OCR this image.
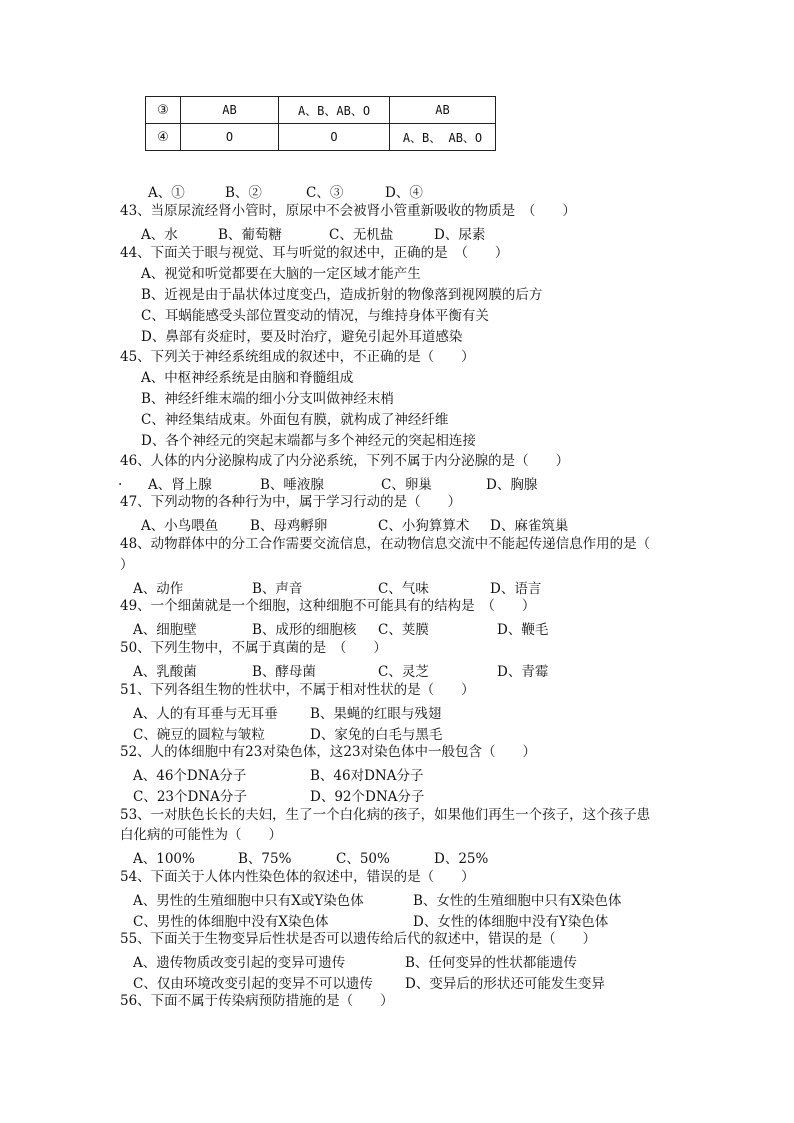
③	AB	A、B、AB、O	AB
④	O	O	A、B、 AB、O
A、①	B、②	C、③	D、④
43、当原尿流经肾小管时，原尿中不会被肾小管重新吸收的物质是　（　　）
A、水	B、葡萄糖	C、无机盐	D、尿素
44、下面关于眼与视觉、耳与听觉的叙述中，正确的是　（　　）
A、视觉和听觉都要在大脑的一定区域才能产生
B、近视是由于晶状体过度变凸，造成折射的物像落到视网膜的后方
C、耳蜗能感受头部位置变动的情况，与维持身体平衡有关
D、鼻部有炎症时，要及时治疗，避免引起外耳道感染
45、下列关于神经系统组成的叙述中，不正确的是（　　）
A、中枢神经系统是由脑和脊髓组成
B、神经纤维末端的细小分支叫做神经末梢
C、神经集结成束。外面包有膜，就构成了神经纤维
D、各个神经元的突起末端都与多个神经元的突起相连接
46、人体的内分泌腺构成了内分泌系统，下列不属于内分泌腺的是（　　）
. A、肾上腺	B、唾液腺	C、卵巢	D、胸腺
47、下列动物的各种行为中，属于学习行动的是（　　）
A、小鸟喂鱼 B、母鸡孵卵	C、小狗算算术 D、麻雀筑巢
48、动物群体中的分工合作需要交流信息，在动物信息交流中不能起传递信息作用的是（
）
A、动作	B、声音	C、气味	D、语言
49、一个细菌就是一个细胞，这种细胞不可能具有的结构是　（　　）
A、细胞壁	B、成形的细胞核 C、荚膜	D、鞭毛
50、下列生物中，不属于真菌的是　（　　）
A、乳酸菌	B、酵母菌	C、灵芝	D、青霉
51、下列各组生物的性状中，不属于相对性状的是（　　）
A、人的有耳垂与无耳垂 B、果蝇的红眼与残翅
C、碗豆的圆粒与皱粒	D、家兔的白毛与黑毛
52、人的体细胞中有23对染色体，这23对染色体中一般包含（　　）
A、46个DNA分子	B、46对DNA分子
C、23个DNA分子	D、92个DNA分子
53、一对肤色长长的夫妇，生了一个白化病的孩子，如果他们再生一个孩子，这个孩子患
白化病的可能性为（　　）
A、100%	B、75%	C、50%	D、25%
54、下面关于人体内性染色体的叙述中，错误的是（　　）
A、男性的生殖细胞中只有X或Y染色体	B、女性的生殖细胞中只有X染色体
C、男性的体细胞中没有X染色体	D、女性的体细胞中没有Y染色体
55、下面关于生物变异后性状是否可以遗传给后代的叙述中，错误的是（　　）
A、遗传物质改变引起的变异可遗传	B、任何变异的性状都能遗传
C、仅由环境改变引起的变异不可以遗传 D、变异后的形状还可能发生变异
56、下面不属于传染病预防措施的是（　　）
